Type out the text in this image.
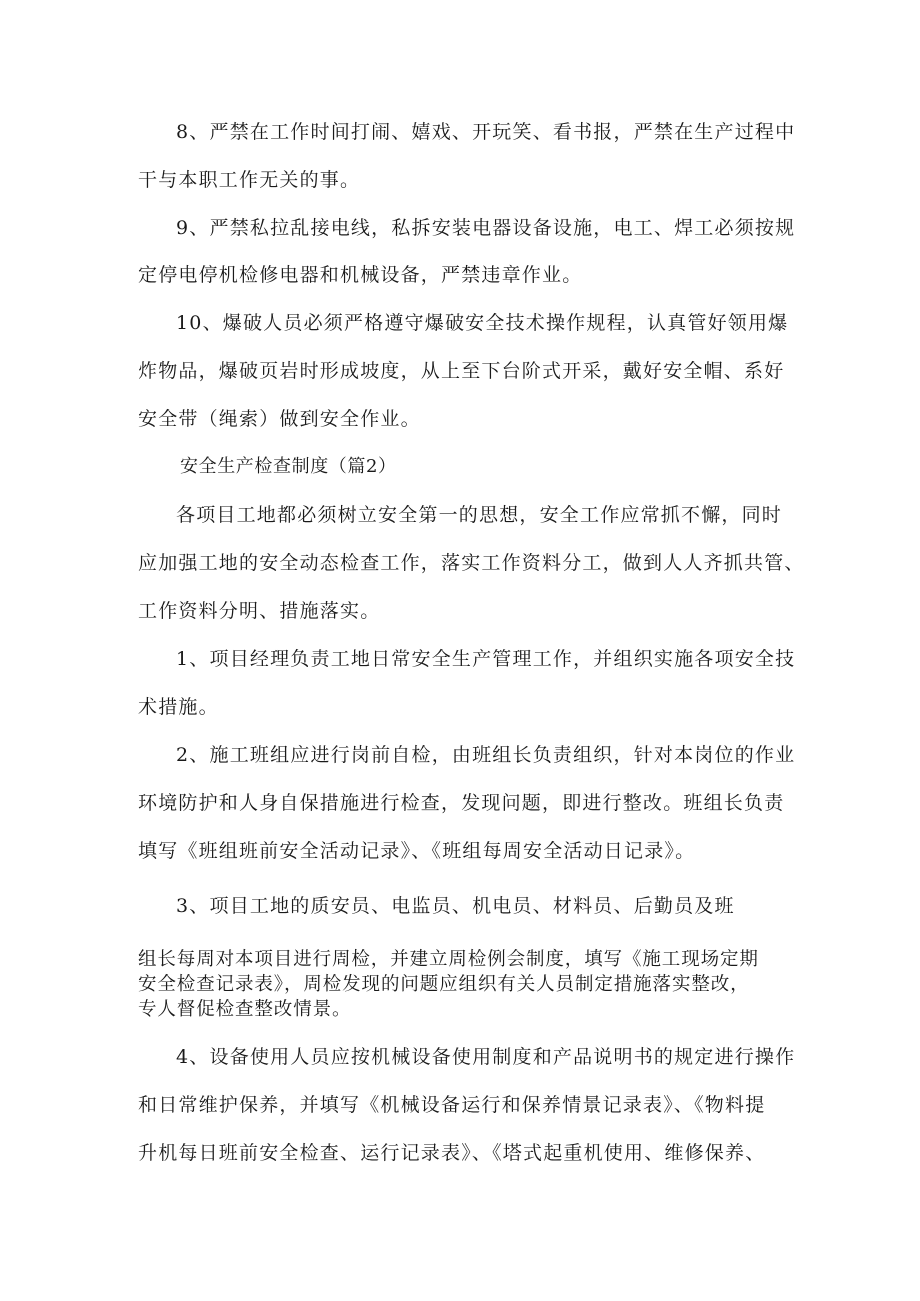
8、严禁在工作时间打闹、嬉戏、开玩笑、看书报，严禁在生产过程中
干与本职工作无关的事。
9、严禁私拉乱接电线，私拆安装电器设备设施，电工、焊工必须按规
定停电停机检修电器和机械设备，严禁违章作业。
10、爆破人员必须严格遵守爆破安全技术操作规程，认真管好领用爆
炸物品，爆破页岩时形成坡度，从上至下台阶式开采，戴好安全帽、系好
安全带（绳索）做到安全作业。
安全生产检查制度（篇2）
各项目工地都必须树立安全第一的思想，安全工作应常抓不懈，同时
应加强工地的安全动态检查工作，落实工作资料分工，做到人人齐抓共管、
工作资料分明、措施落实。
1、项目经理负责工地日常安全生产管理工作，并组织实施各项安全技
术措施。
2、施工班组应进行岗前自检，由班组长负责组织，针对本岗位的作业
环境防护和人身自保措施进行检查，发现问题，即进行整改。班组长负责
填写《班组班前安全活动记录》、《班组每周安全活动日记录》。
3、项目工地的质安员、电监员、机电员、材料员、后勤员及班
组长每周对本项目进行周检，并建立周检例会制度，填写《施工现场定期
安全检查记录表》，周检发现的问题应组织有关人员制定措施落实整改，
专人督促检查整改情景。
4、设备使用人员应按机械设备使用制度和产品说明书的规定进行操作
和日常维护保养，并填写《机械设备运行和保养情景记录表》、《物料提
升机每日班前安全检查、运行记录表》、《塔式起重机使用、维修保养、
